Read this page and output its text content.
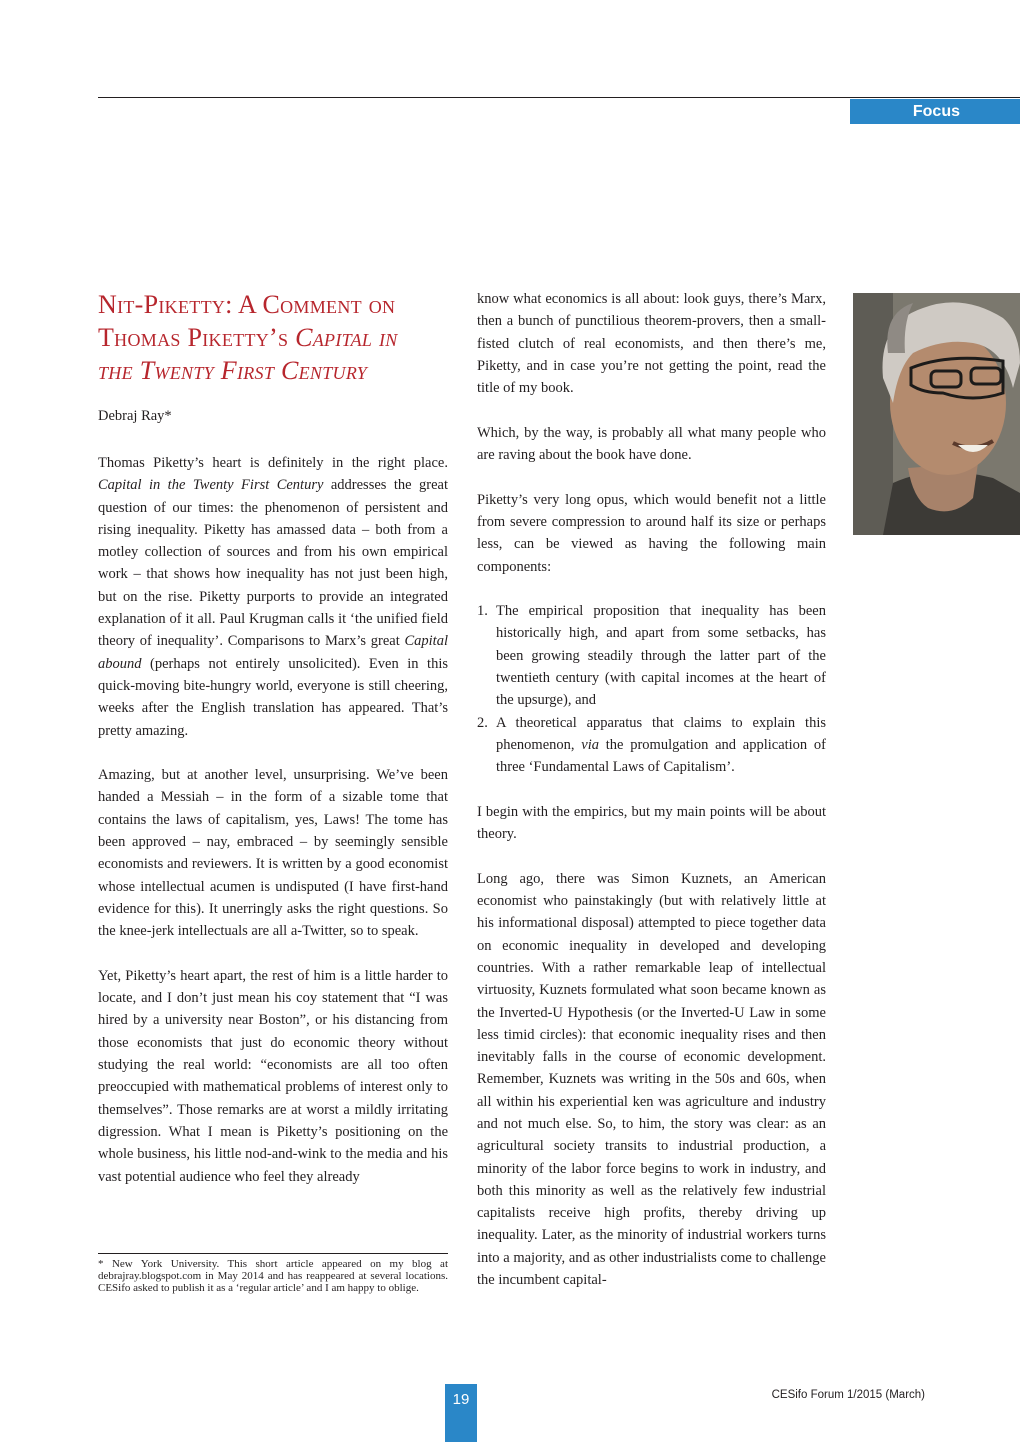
Focus
Nit-Piketty: A Comment on
Thomas Piketty’s Capital in
the Twenty First Century
Debraj Ray*

Thomas Piketty’s heart is definitely in the right place. Capital in the Twenty First Century addresses the great question of our times: the phenomenon of persistent and rising inequality. Piketty has amassed data – both from a motley collection of sources and from his own empirical work – that shows how inequality has not just been high, but on the rise. Piketty purports to provide an integrated explanation of it all. Paul Krugman calls it ‘the unified field theory of inequality’. Comparisons to Marx’s great Capital abound (perhaps not entirely unsolicited). Even in this quick-moving bite-hungry world, everyone is still cheering, weeks after the English translation has appeared. That’s pretty amazing.

Amazing, but at another level, unsurprising. We’ve been handed a Messiah – in the form of a sizable tome that contains the laws of capitalism, yes, Laws! The tome has been approved – nay, embraced – by seemingly sensible economists and reviewers. It is written by a good economist whose intellectual acumen is undisputed (I have first-hand evidence for this). It unerringly asks the right questions. So the knee-jerk intellectuals are all a-Twitter, so to speak.

Yet, Piketty’s heart apart, the rest of him is a little harder to locate, and I don’t just mean his coy statement that “I was hired by a university near Boston”, or his distancing from those economists that just do economic theory without studying the real world: “economists are all too often preoccupied with mathematical problems of interest only to themselves”. Those remarks are at worst a mildly irritating digression. What I mean is Piketty’s positioning on the whole business, his little nod-and-wink to the media and his vast potential audience who feel they already

know what economics is all about: look guys, there’s Marx, then a bunch of punctilious theorem-provers, then a small-fisted clutch of real economists, and then there’s me, Piketty, and in case you’re not getting the point, read the title of my book.

Which, by the way, is probably all what many people who are raving about the book have done.

Piketty’s very long opus, which would benefit not a little from severe compression to around half its size or perhaps less, can be viewed as having the following main components:

1. The empirical proposition that inequality has been historically high, and apart from some setbacks, has been growing steadily through the latter part of the twentieth century (with capital incomes at the heart of the upsurge), and
2. A theoretical apparatus that claims to explain this phenomenon, via the promulgation and application of three ‘Fundamental Laws of Capitalism’.

I begin with the empirics, but my main points will be about theory.

Long ago, there was Simon Kuznets, an American economist who painstakingly (but with relatively little at his informational disposal) attempted to piece together data on economic inequality in developed and developing countries. With a rather remarkable leap of intellectual virtuosity, Kuznets formulated what soon became known as the Inverted-U Hypothesis (or the Inverted-U Law in some less timid circles): that economic inequality rises and then inevitably falls in the course of economic development. Remember, Kuznets was writing in the 50s and 60s, when all within his experiential ken was agriculture and industry and not much else. So, to him, the story was clear: as an agricultural society transits to industrial production, a minority of the labor force begins to work in industry, and both this minority as well as the relatively few industrial capitalists receive high profits, thereby driving up inequality. Later, as the minority of industrial workers turns into a majority, and as other industrialists come to challenge the incumbent capital-

* New York University. This short article appeared on my blog at debrajray.blogspot.com in May 2014 and has reappeared at several locations. CESifo asked to publish it as a ‘regular article’ and I am happy to oblige.

19	CESifo Forum 1/2015 (March)
